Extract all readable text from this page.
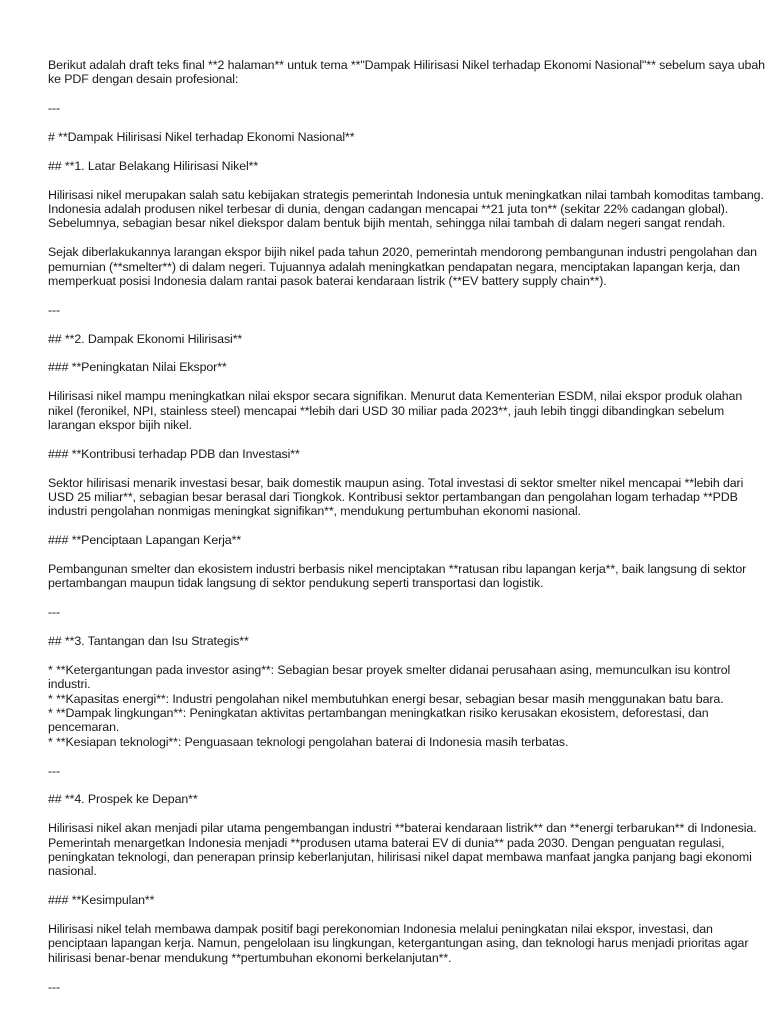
Berikut adalah draft teks final **2 halaman** untuk tema **"Dampak Hilirisasi Nikel terhadap Ekonomi Nasional"** sebelum saya ubah ke PDF dengan desain profesional:

---

# **Dampak Hilirisasi Nikel terhadap Ekonomi Nasional**

## **1. Latar Belakang Hilirisasi Nikel**

Hilirisasi nikel merupakan salah satu kebijakan strategis pemerintah Indonesia untuk meningkatkan nilai tambah komoditas tambang. Indonesia adalah produsen nikel terbesar di dunia, dengan cadangan mencapai **21 juta ton** (sekitar 22% cadangan global). Sebelumnya, sebagian besar nikel diekspor dalam bentuk bijih mentah, sehingga nilai tambah di dalam negeri sangat rendah.

Sejak diberlakukannya larangan ekspor bijih nikel pada tahun 2020, pemerintah mendorong pembangunan industri pengolahan dan pemurnian (**smelter**) di dalam negeri. Tujuannya adalah meningkatkan pendapatan negara, menciptakan lapangan kerja, dan memperkuat posisi Indonesia dalam rantai pasok baterai kendaraan listrik (**EV battery supply chain**).

---

## **2. Dampak Ekonomi Hilirisasi**

### **Peningkatan Nilai Ekspor**

Hilirisasi nikel mampu meningkatkan nilai ekspor secara signifikan. Menurut data Kementerian ESDM, nilai ekspor produk olahan nikel (feronikel, NPI, stainless steel) mencapai **lebih dari USD 30 miliar pada 2023**, jauh lebih tinggi dibandingkan sebelum larangan ekspor bijih nikel.

### **Kontribusi terhadap PDB dan Investasi**

Sektor hilirisasi menarik investasi besar, baik domestik maupun asing. Total investasi di sektor smelter nikel mencapai **lebih dari USD 25 miliar**, sebagian besar berasal dari Tiongkok. Kontribusi sektor pertambangan dan pengolahan logam terhadap **PDB industri pengolahan nonmigas meningkat signifikan**, mendukung pertumbuhan ekonomi nasional.

### **Penciptaan Lapangan Kerja**

Pembangunan smelter dan ekosistem industri berbasis nikel menciptakan **ratusan ribu lapangan kerja**, baik langsung di sektor pertambangan maupun tidak langsung di sektor pendukung seperti transportasi dan logistik.

---

## **3. Tantangan dan Isu Strategis**

* **Ketergantungan pada investor asing**: Sebagian besar proyek smelter didanai perusahaan asing, memunculkan isu kontrol industri.

* **Kapasitas energi**: Industri pengolahan nikel membutuhkan energi besar, sebagian besar masih menggunakan batu bara.

* **Dampak lingkungan**: Peningkatan aktivitas pertambangan meningkatkan risiko kerusakan ekosistem, deforestasi, dan pencemaran.

* **Kesiapan teknologi**: Penguasaan teknologi pengolahan baterai di Indonesia masih terbatas.

---

## **4. Prospek ke Depan**

Hilirisasi nikel akan menjadi pilar utama pengembangan industri **baterai kendaraan listrik** dan **energi terbarukan** di Indonesia. Pemerintah menargetkan Indonesia menjadi **produsen utama baterai EV di dunia** pada 2030. Dengan penguatan regulasi, peningkatan teknologi, dan penerapan prinsip keberlanjutan, hilirisasi nikel dapat membawa manfaat jangka panjang bagi ekonomi nasional.

### **Kesimpulan**

Hilirisasi nikel telah membawa dampak positif bagi perekonomian Indonesia melalui peningkatan nilai ekspor, investasi, dan penciptaan lapangan kerja. Namun, pengelolaan isu lingkungan, ketergantungan asing, dan teknologi harus menjadi prioritas agar hilirisasi benar-benar mendukung **pertumbuhan ekonomi berkelanjutan**.

---
